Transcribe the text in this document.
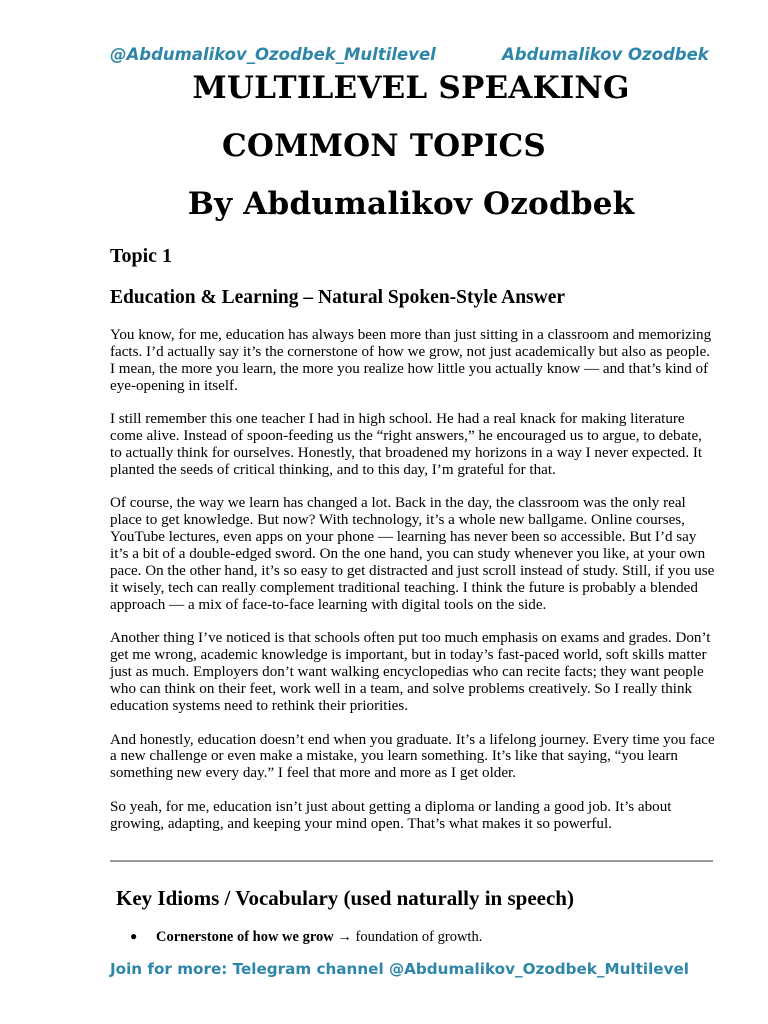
@Abdumalikov_Ozodbek_Multilevel	Abdumalikov Ozodbek
MULTILEVEL SPEAKING
COMMON TOPICS
By Abdumalikov Ozodbek
Topic 1
Education & Learning – Natural Spoken-Style Answer

You know, for me, education has always been more than just sitting in a classroom and memorizing facts. I’d actually say it’s the cornerstone of how we grow, not just academically but also as people. I mean, the more you learn, the more you realize how little you actually know — and that’s kind of eye-opening in itself.

I still remember this one teacher I had in high school. He had a real knack for making literature come alive. Instead of spoon-feeding us the “right answers,” he encouraged us to argue, to debate, to actually think for ourselves. Honestly, that broadened my horizons in a way I never expected. It planted the seeds of critical thinking, and to this day, I’m grateful for that.

Of course, the way we learn has changed a lot. Back in the day, the classroom was the only real place to get knowledge. But now? With technology, it’s a whole new ballgame. Online courses, YouTube lectures, even apps on your phone — learning has never been so accessible. But I’d say it’s a bit of a double-edged sword. On the one hand, you can study whenever you like, at your own pace. On the other hand, it’s so easy to get distracted and just scroll instead of study. Still, if you use it wisely, tech can really complement traditional teaching. I think the future is probably a blended approach — a mix of face-to-face learning with digital tools on the side.

Another thing I’ve noticed is that schools often put too much emphasis on exams and grades. Don’t get me wrong, academic knowledge is important, but in today’s fast-paced world, soft skills matter just as much. Employers don’t want walking encyclopedias who can recite facts; they want people who can think on their feet, work well in a team, and solve problems creatively. So I really think education systems need to rethink their priorities.

And honestly, education doesn’t end when you graduate. It’s a lifelong journey. Every time you face a new challenge or even make a mistake, you learn something. It’s like that saying, “you learn something new every day.” I feel that more and more as I get older.

So yeah, for me, education isn’t just about getting a diploma or landing a good job. It’s about growing, adapting, and keeping your mind open. That’s what makes it so powerful.

Key Idioms / Vocabulary (used naturally in speech)
● Cornerstone of how we grow → foundation of growth.
Join for more: Telegram channel @Abdumalikov_Ozodbek_Multilevel
